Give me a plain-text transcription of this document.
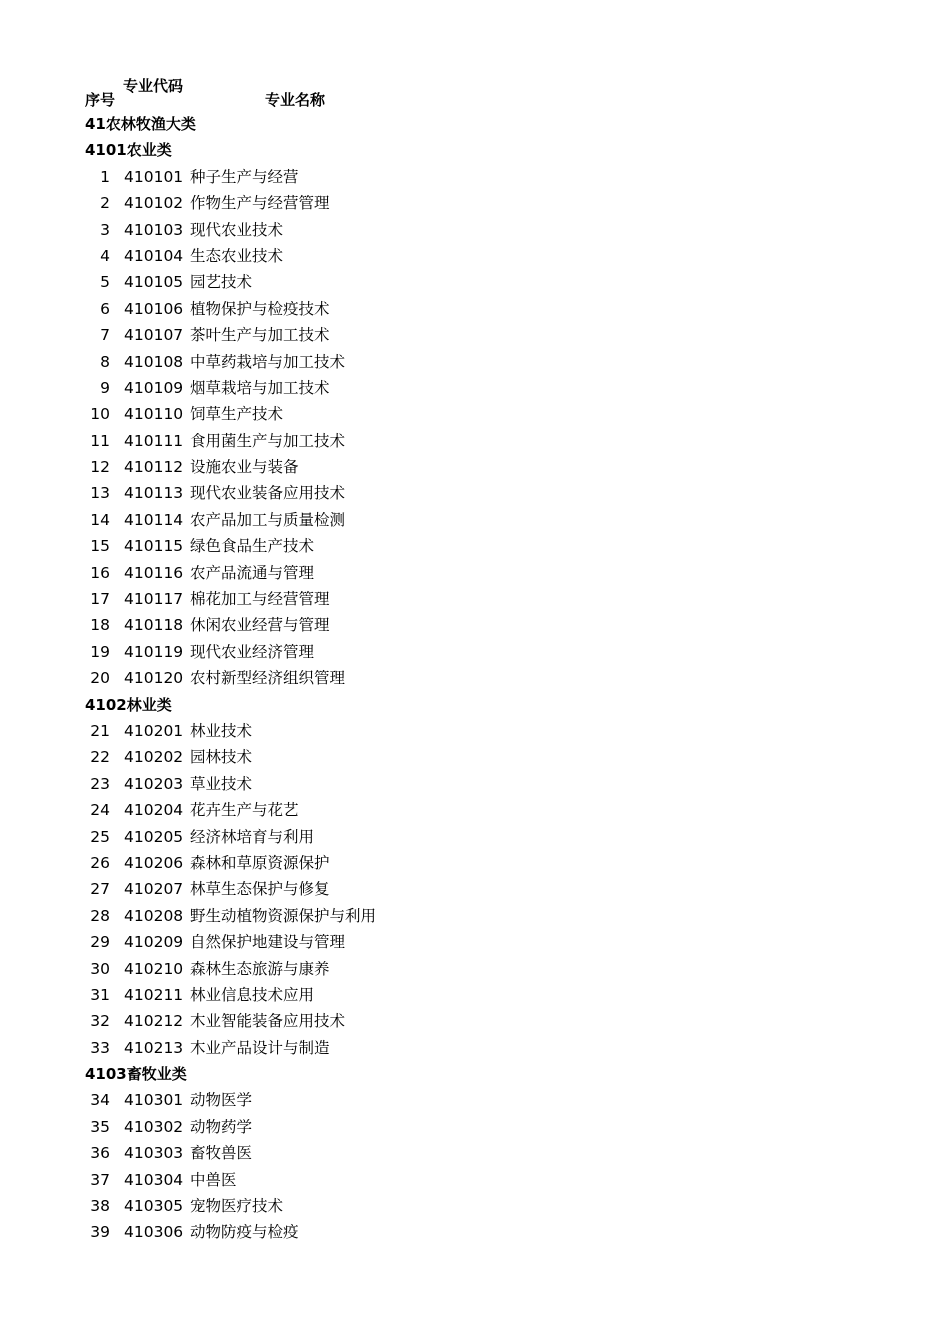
序号
专业代码
专业名称
41农林牧渔大类
4101农业类
1 410101 种子生产与经营
2 410102 作物生产与经营管理
3 410103 现代农业技术
4 410104 生态农业技术
5 410105 园艺技术
6 410106 植物保护与检疫技术
7 410107 茶叶生产与加工技术
8 410108 中草药栽培与加工技术
9 410109 烟草栽培与加工技术
10 410110 饲草生产技术
11 410111 食用菌生产与加工技术
12 410112 设施农业与装备
13 410113 现代农业装备应用技术
14 410114 农产品加工与质量检测
15 410115 绿色食品生产技术
16 410116 农产品流通与管理
17 410117 棉花加工与经营管理
18 410118 休闲农业经营与管理
19 410119 现代农业经济管理
20 410120 农村新型经济组织管理
4102林业类
21 410201 林业技术
22 410202 园林技术
23 410203 草业技术
24 410204 花卉生产与花艺
25 410205 经济林培育与利用
26 410206 森林和草原资源保护
27 410207 林草生态保护与修复
28 410208 野生动植物资源保护与利用
29 410209 自然保护地建设与管理
30 410210 森林生态旅游与康养
31 410211 林业信息技术应用
32 410212 木业智能装备应用技术
33 410213 木业产品设计与制造
4103畜牧业类
34 410301 动物医学
35 410302 动物药学
36 410303 畜牧兽医
37 410304 中兽医
38 410305 宠物医疗技术
39 410306 动物防疫与检疫
